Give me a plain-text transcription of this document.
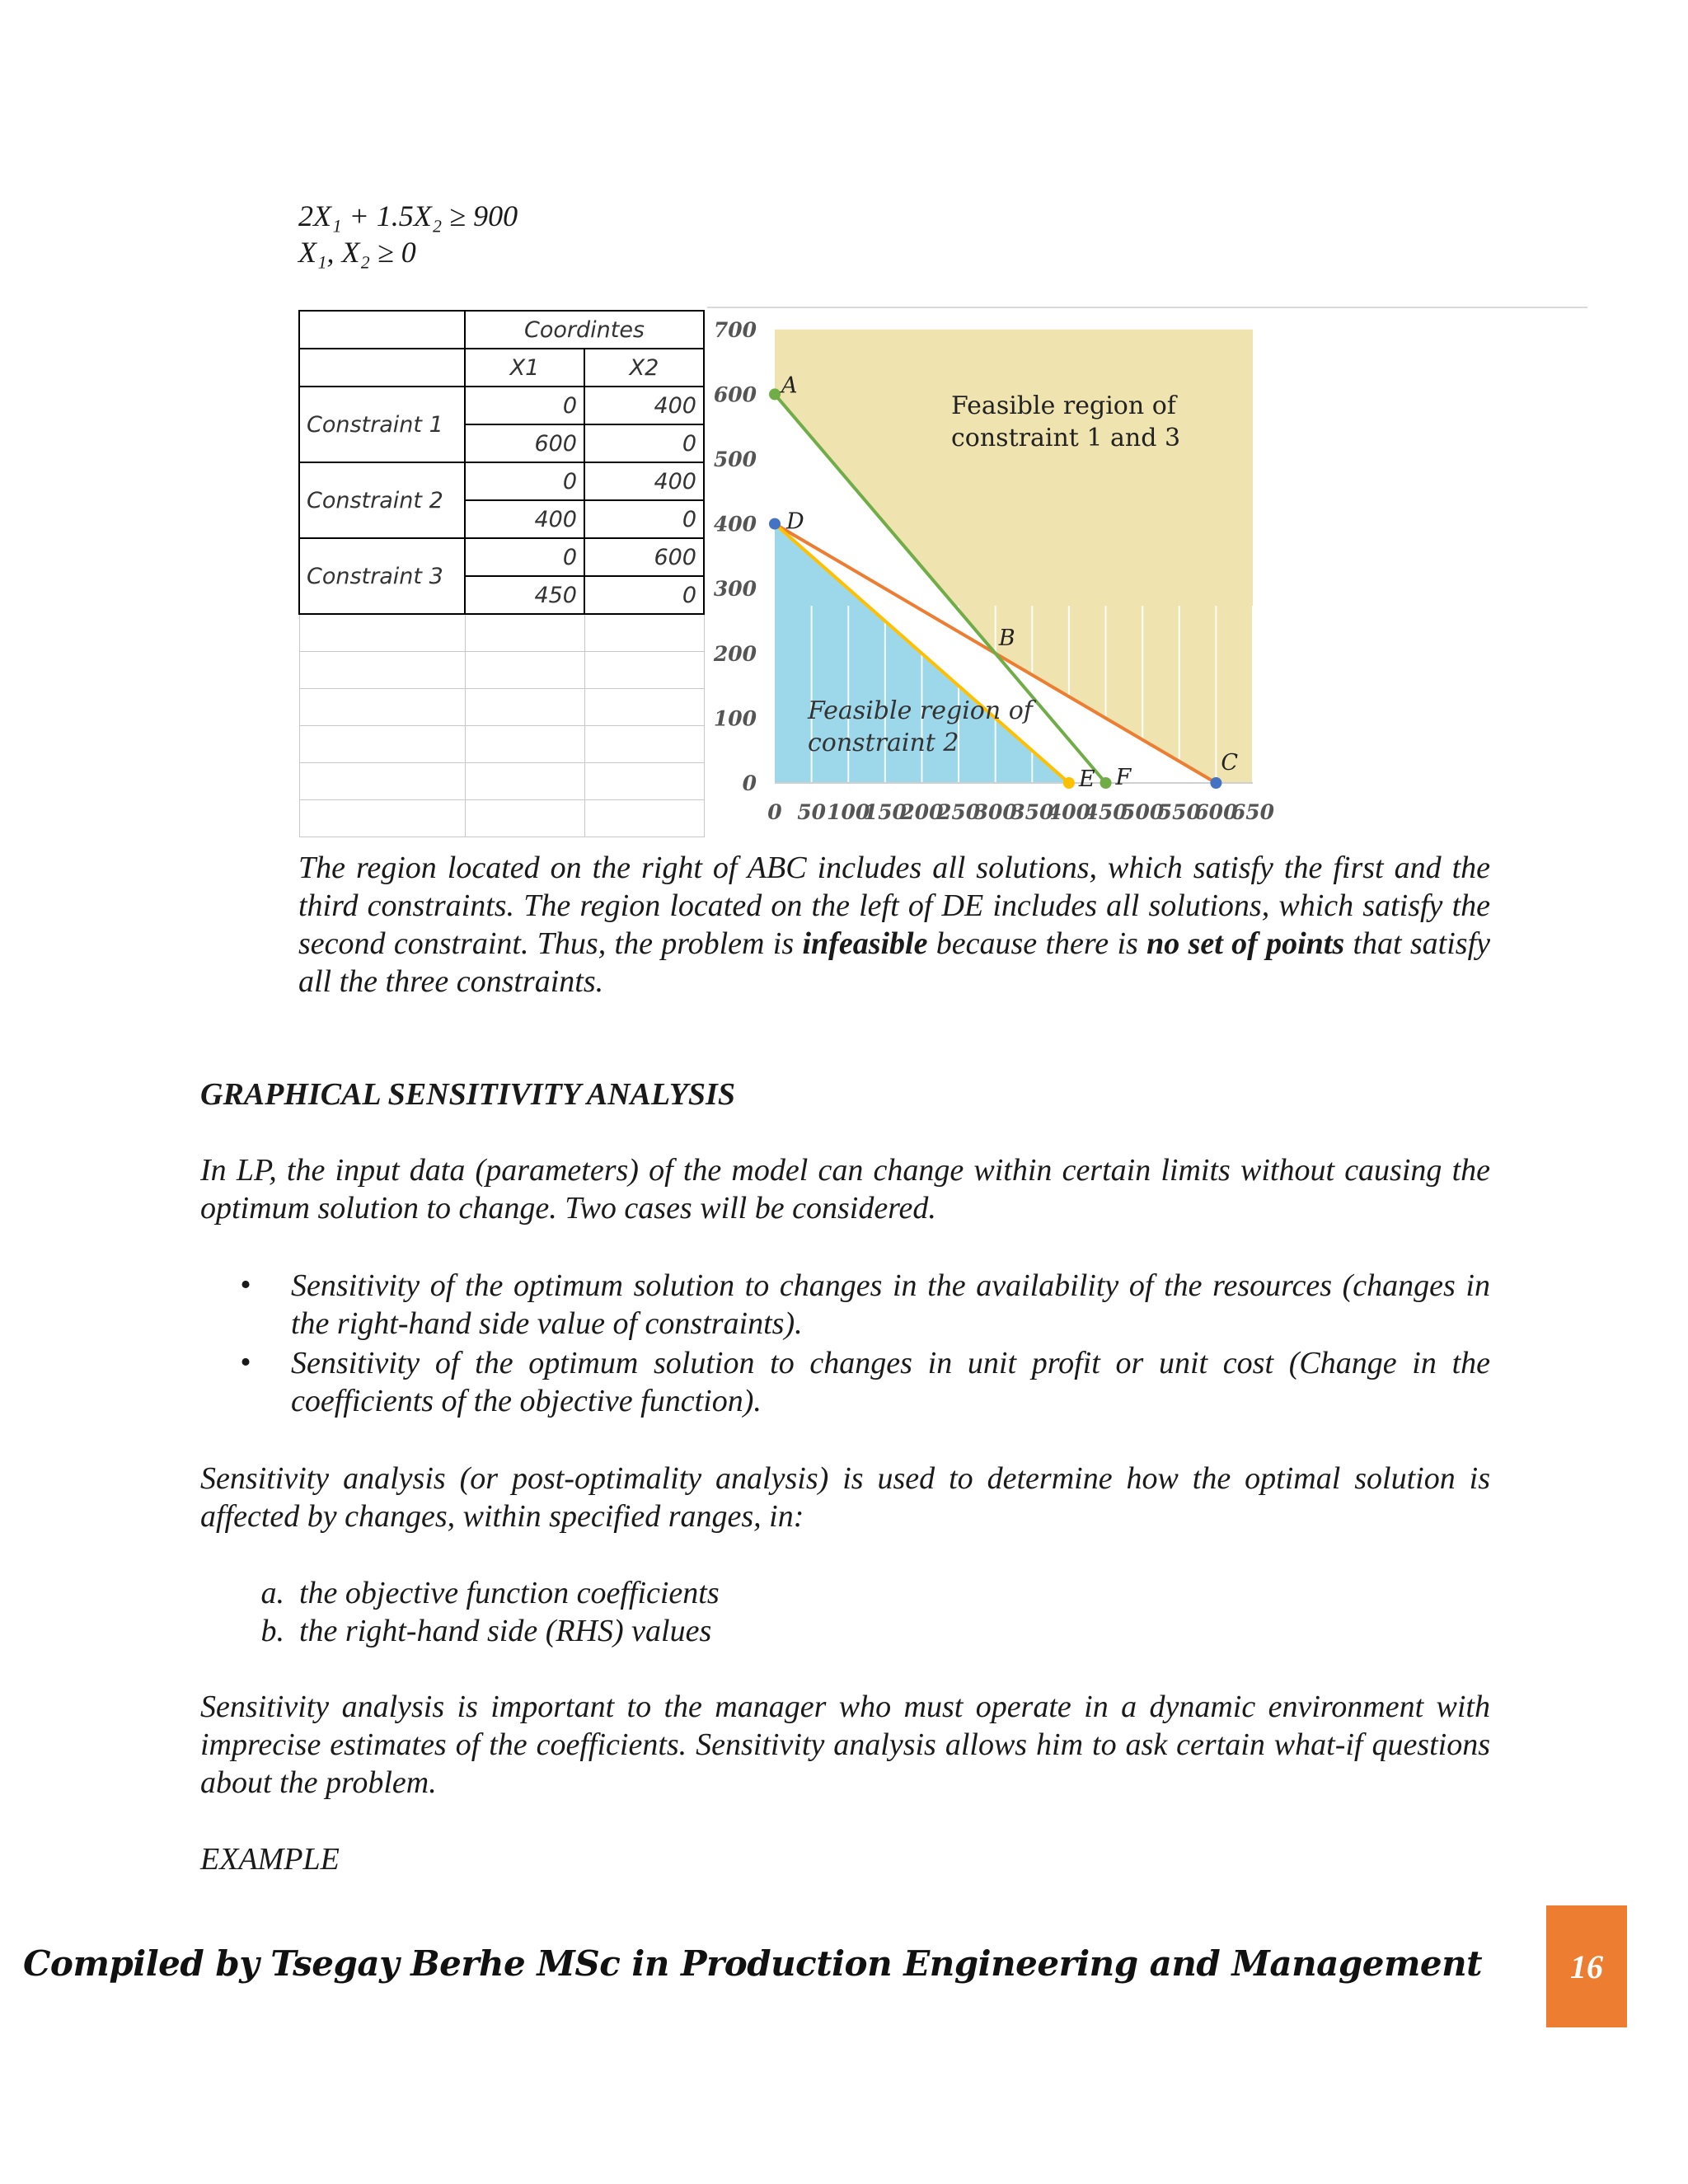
2X₁ + 1.5X₂ ≥ 900
X₁, X₂ ≥ 0
	Coordintes	
	X1	X2
Constraint 1	0	400
	600	0
Constraint 2	0	400
	400	0
Constraint 3	0	600
	450	0

0 50 100
150
200
250
300
350
400
450
500
550
600
650
0
100
200
300
400
500
600
700
A
B
C
D
E F
Feasible region of
constraint 1 and 3
Feasible region of
constraint 2
The region located on the right of ABC includes all solutions, which satisfy the first and the third constraints. The region located on the left of DE includes all solutions, which satisfy the second constraint. Thus, the problem is infeasible because there is no set of points that satisfy all the three constraints.
GRAPHICAL SENSITIVITY ANALYSIS
In LP, the input data (parameters) of the model can change within certain limits without causing the optimum solution to change. Two cases will be considered.
•	Sensitivity of the optimum solution to changes in the availability of the resources (changes in the right-hand side value of constraints).
•	Sensitivity of the optimum solution to changes in unit profit or unit cost (Change in the coefficients of the objective function).
Sensitivity analysis (or post-optimality analysis) is used to determine how the optimal solution is affected by changes, within specified ranges, in:
a. the objective function coefficients
b. the right-hand side (RHS) values
Sensitivity analysis is important to the manager who must operate in a dynamic environment with imprecise estimates of the coefficients. Sensitivity analysis allows him to ask certain what-if questions about the problem.
EXAMPLE
Compiled by Tsegay Berhe MSc in Production Engineering and Management	16
